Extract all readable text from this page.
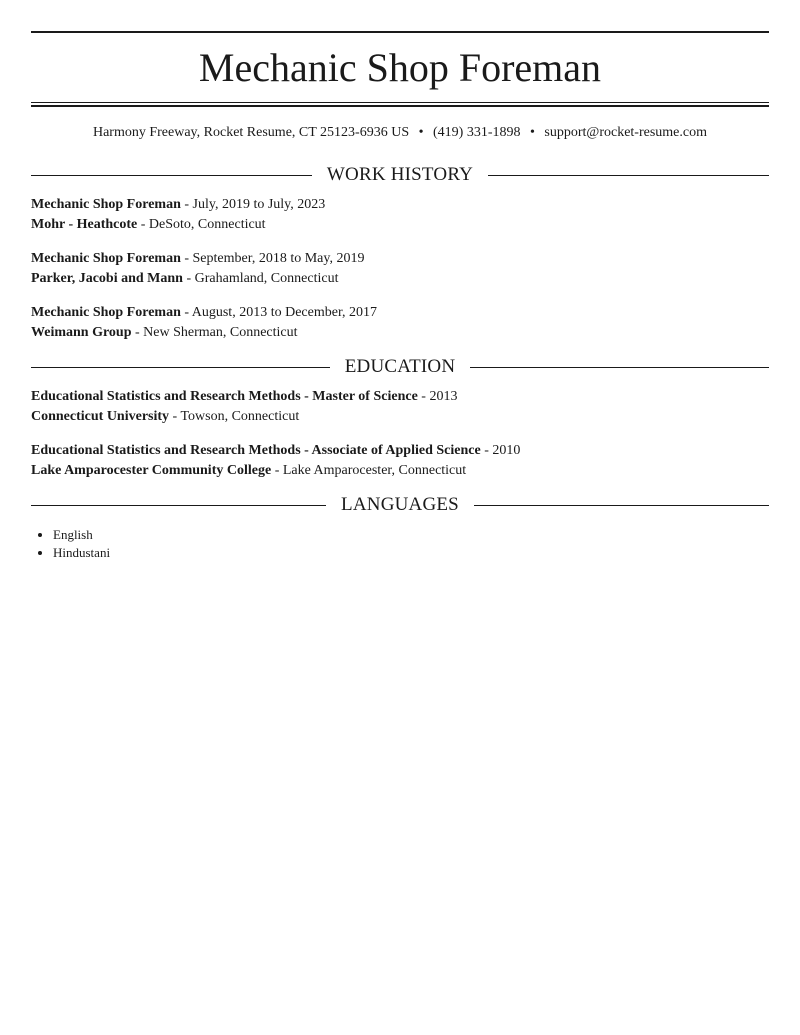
Mechanic Shop Foreman
Harmony Freeway, Rocket Resume, CT 25123-6936 US • (419) 331-1898 • support@rocket-resume.com
WORK HISTORY
Mechanic Shop Foreman - July, 2019 to July, 2023
Mohr - Heathcote - DeSoto, Connecticut
Mechanic Shop Foreman - September, 2018 to May, 2019
Parker, Jacobi and Mann - Grahamland, Connecticut
Mechanic Shop Foreman - August, 2013 to December, 2017
Weimann Group - New Sherman, Connecticut
EDUCATION
Educational Statistics and Research Methods - Master of Science - 2013
Connecticut University - Towson, Connecticut
Educational Statistics and Research Methods - Associate of Applied Science - 2010
Lake Amparocester Community College - Lake Amparocester, Connecticut
LANGUAGES
• English
• Hindustani
